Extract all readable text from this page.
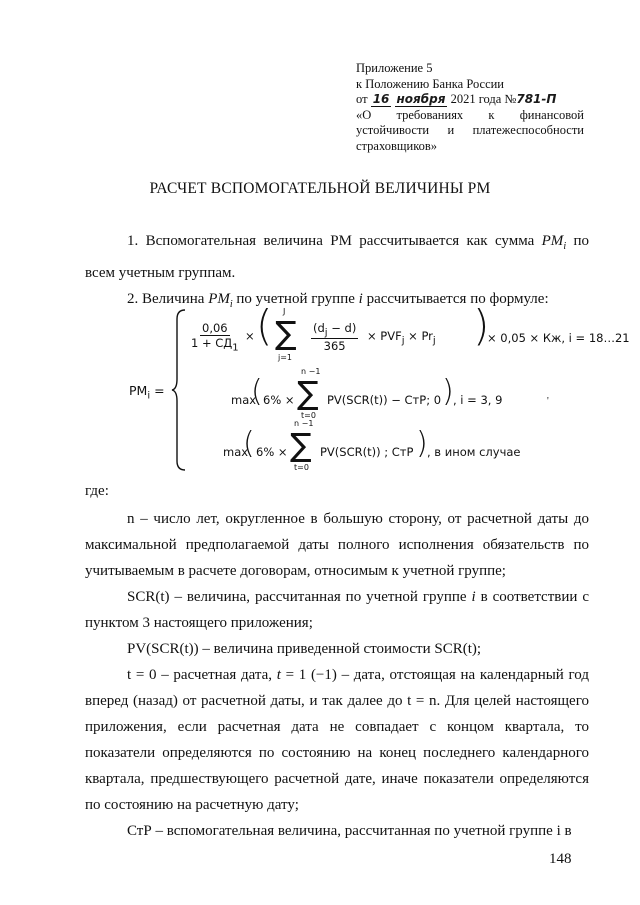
Приложение 5
к Положению Банка России
от 16 ноября 2021 года №781-П
«О требованиях к финансовой
устойчивости и платежеспособности
страховщиков»
РАСЧЕТ ВСПОМОГАТЕЛЬНОЙ ВЕЛИЧИНЫ PM

1. Вспомогательная величина PM рассчитывается как сумма $PM_i$ по всем учетным группам.

2. Величина $PM_i$ по учетной группе i рассчитывается по формуле:

$PM_i$ =
$\frac{0,06}{1 + СД_1}$ × ( J
∑
j=1
$\frac{(d_j - d)}{365} \times PVF_j \times Pr_j$ )
× 0,05 × Кж, i = 18…21
max
( 6% ×
n −1
∑
t=0
PV(SCR(t)) − СтР; 0 ) , i = 3, 9
max
( 6% ×
n −1
∑
t=0
PV(SCR(t)) ; СтР ) , в ином случае
'

где:

n – число лет, округленное в большую сторону, от расчетной даты до максимальной предполагаемой даты полного исполнения обязательств по учитываемым в расчете договорам, относимым к учетной группе;

SCR(t) – величина, рассчитанная по учетной группе i в соответствии с пунктом 3 настоящего приложения;

PV(SCR(t)) – величина приведенной стоимости SCR(t);

t = 0 – расчетная дата, t = 1 (−1) – дата, отстоящая на календарный год вперед (назад) от расчетной даты, и так далее до t = n. Для целей настоящего приложения, если расчетная дата не совпадает с концом квартала, то показатели определяются по состоянию на конец последнего календарного квартала, предшествующего расчетной дате, иначе показатели определяются по состоянию на расчетную дату;

СтР – вспомогательная величина, рассчитанная по учетной группе i в

148
